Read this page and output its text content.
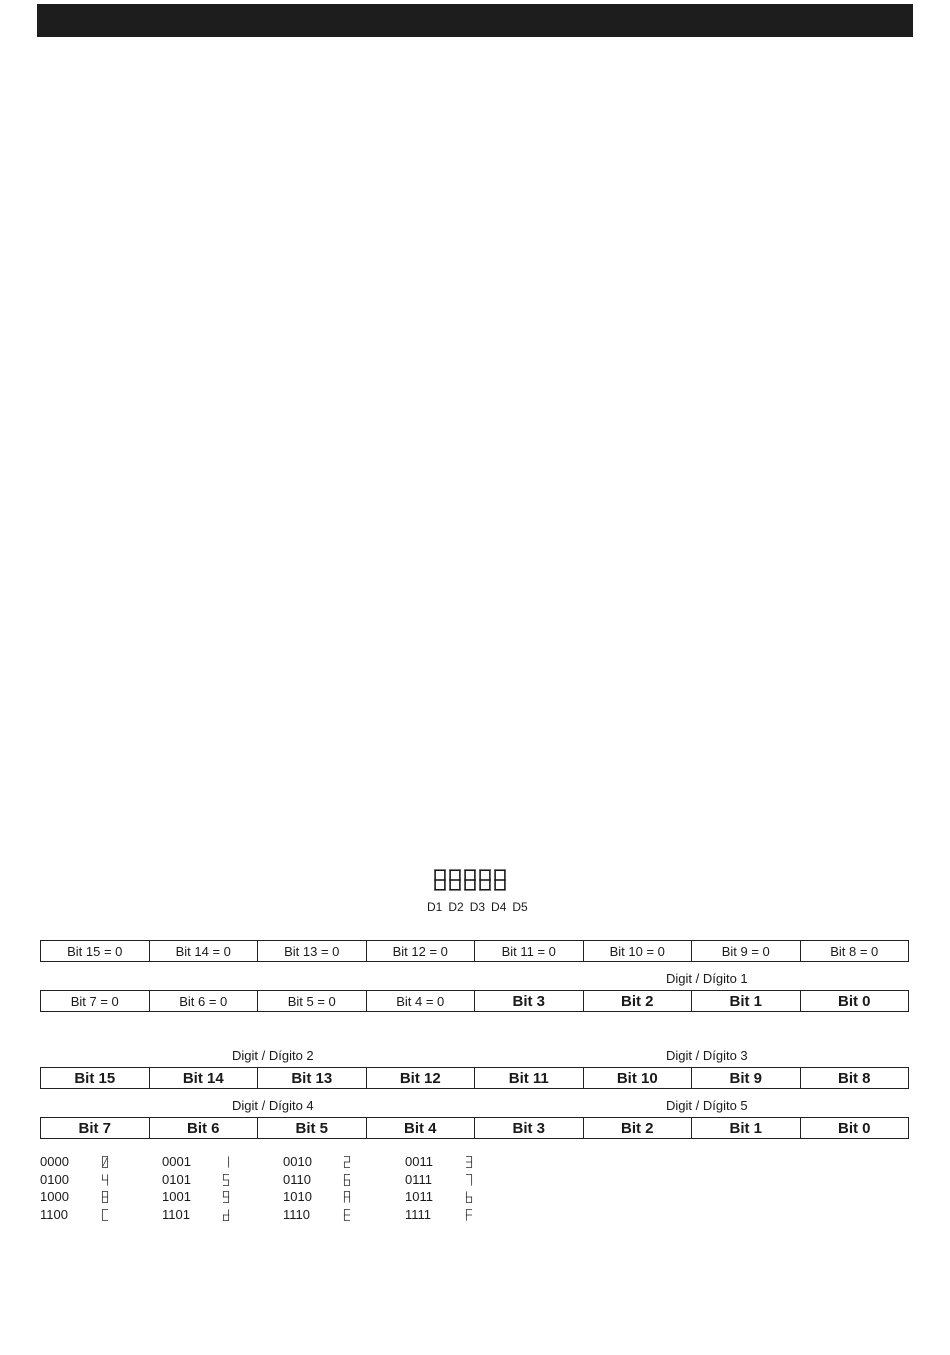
D1 D2 D3 D4 D5
Bit 15 = 0	Bit 14 = 0	Bit 13 = 0	Bit 12 = 0	Bit 11 = 0	Bit 10 = 0	Bit 9 = 0	Bit 8 = 0
Digit / Dígito 1
Bit 7 = 0	Bit 6 = 0	Bit 5 = 0	Bit 4 = 0	Bit 3	Bit 2	Bit 1	Bit 0
Digit / Dígito 2	Digit / Dígito 3
Bit 15	Bit 14	Bit 13	Bit 12	Bit 11	Bit 10	Bit 9	Bit 8
Digit / Dígito 4	Digit / Dígito 5
Bit 7	Bit 6	Bit 5	Bit 4	Bit 3	Bit 2	Bit 1	Bit 0
0000	0001	0010	0011
0100	0101	0110	0111
1000	1001	1010	1011
1100	1101	1110	1111
